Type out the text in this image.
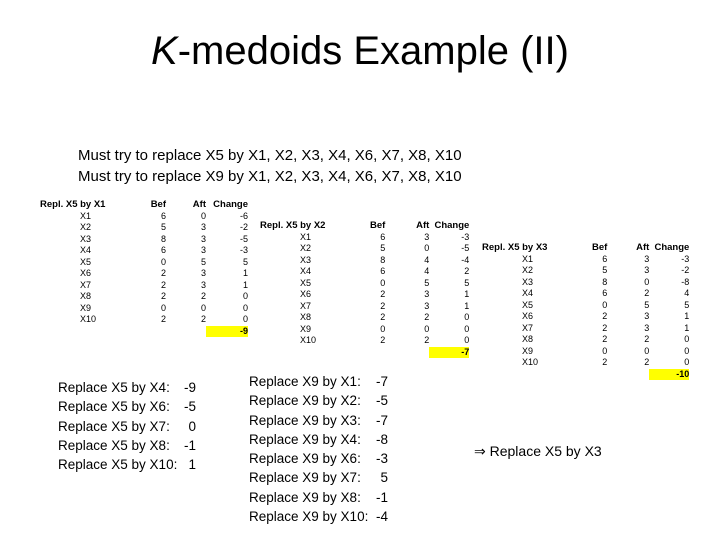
K-medoids Example (II)
Must try to replace X5 by X1, X2, X3, X4, X6, X7, X8, X10
Must try to replace X9 by X1, X2, X3, X4, X6, X7, X8, X10
Repl. X5 by X1	Bef	Aft	Change
X1	6	0	-6
X2	5	3	-2
X3	8	3	-5
X4	6	3	-3
X5	0	5	5
X6	2	3	1
X7	2	3	1
X8	2	2	0
X9	0	0	0
X10	2	2	0
			-9
Repl. X5 by X2	Bef	Aft	Change
X1	6	3	-3
X2	5	0	-5
X3	8	4	-4
X4	6	4	2
X5	0	5	5
X6	2	3	1
X7	2	3	1
X8	2	2	0
X9	0	0	0
X10	2	2	0
			-7
Repl. X5 by X3	Bef	Aft	Change
X1	6	3	-3
X2	5	3	-2
X3	8	0	-8
X4	6	2	4
X5	0	5	5
X6	2	3	1
X7	2	3	1
X8	2	2	0
X9	0	0	0
X10	2	2	0
			-10
Replace X5 by X4:	-9
Replace X5 by X6:	-5
Replace X5 by X7:	0
Replace X5 by X8:	-1
Replace X5 by X10: 1
Replace X9 by X1:	-7
Replace X9 by X2:	-5
Replace X9 by X3:	-7
Replace X9 by X4:	-8
Replace X9 by X6:	-3
Replace X9 by X7:	5
Replace X9 by X8:	-1
Replace X9 by X10: -4
⇒ Replace X5 by X3
